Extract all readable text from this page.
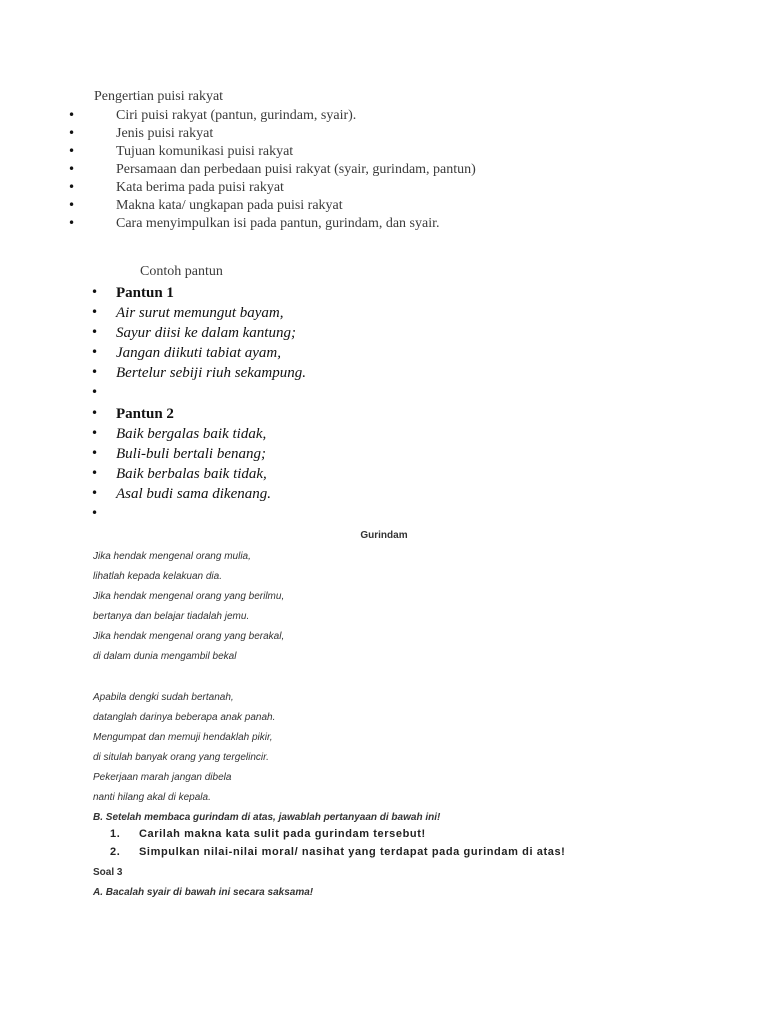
Pengertian puisi rakyat
•	Ciri puisi rakyat (pantun, gurindam, syair).
•	Jenis puisi rakyat
•	Tujuan komunikasi puisi rakyat
•	Persamaan dan perbedaan puisi rakyat (syair, gurindam, pantun)
•	Kata berima pada puisi rakyat
•	Makna kata/ ungkapan pada puisi rakyat
•	Cara menyimpulkan isi pada pantun, gurindam, dan syair.
Contoh pantun
• Pantun 1
• Air surut memungut bayam,
• Sayur diisi ke dalam kantung;
• Jangan diikuti tabiat ayam,
• Bertelur sebiji riuh sekampung.
•
• Pantun 2
• Baik bergalas baik tidak,
• Buli-buli bertali benang;
• Baik berbalas baik tidak,
• Asal budi sama dikenang.
•
Gurindam
Jika hendak mengenal orang mulia,
lihatlah kepada kelakuan dia.
Jika hendak mengenal orang yang berilmu,
bertanya dan belajar tiadalah jemu.
Jika hendak mengenal orang yang berakal,
di dalam dunia mengambil bekal
Apabila dengki sudah bertanah,
datanglah darinya beberapa anak panah.
Mengumpat dan memuji hendaklah pikir,
di situlah banyak orang yang tergelincir.
Pekerjaan marah jangan dibela
nanti hilang akal di kepala.
B. Setelah membaca gurindam di atas, jawablah pertanyaan di bawah ini!
1. Carilah makna kata sulit pada gurindam tersebut!
2. Simpulkan nilai-nilai moral/ nasihat yang terdapat pada gurindam di atas!
Soal 3
A. Bacalah syair di bawah ini secara saksama!
